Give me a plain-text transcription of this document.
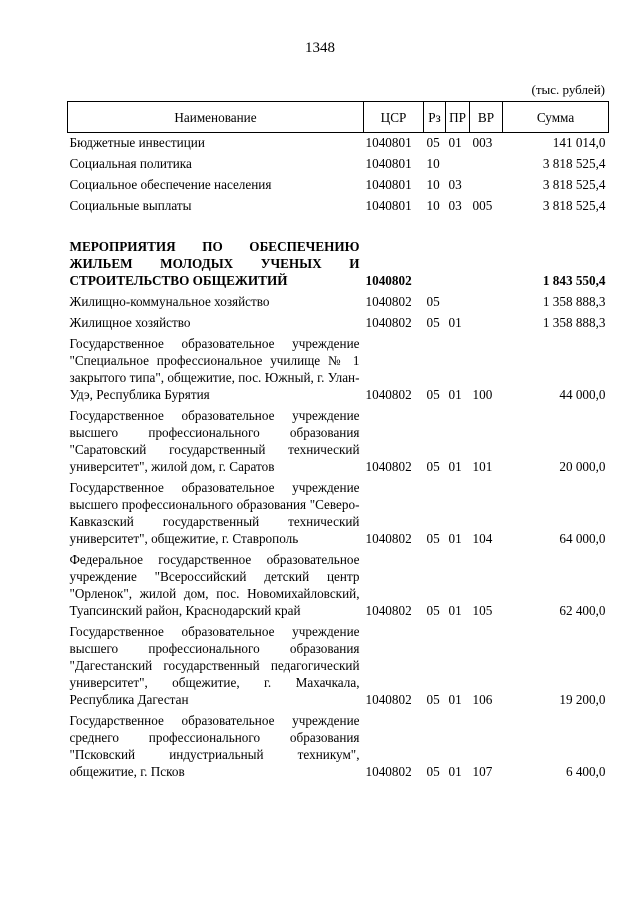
1348
(тыс. рублей)
Наименование	ЦСР	Рз	ПР	ВР	Сумма
Бюджетные инвестиции	1040801	05	01	003	141 014,0
Социальная политика	1040801	10			3 818 525,4
Социальное обеспечение населения	1040801	10	03		3 818 525,4
Социальные выплаты	1040801	10	03	005	3 818 525,4

МЕРОПРИЯТИЯ ПО ОБЕСПЕЧЕНИЮ ЖИЛЬЕМ МОЛОДЫХ УЧЕНЫХ И СТРОИТЕЛЬСТВО ОБЩЕЖИТИЙ	1040802				1 843 550,4
Жилищно-коммунальное хозяйство	1040802	05			1 358 888,3
Жилищное хозяйство	1040802	05	01		1 358 888,3
Государственное образовательное учреждение "Специальное профессиональное училище № 1 закрытого типа", общежитие, пос. Южный, г. Улан-Удэ, Республика Бурятия	1040802	05	01	100	44 000,0
Государственное образовательное учреждение высшего профессионального образования "Саратовский государственный технический университет", жилой дом, г. Саратов	1040802	05	01	101	20 000,0
Государственное образовательное учреждение высшего профессионального образования "Северо-Кавказский государственный технический университет", общежитие, г. Ставрополь	1040802	05	01	104	64 000,0
Федеральное государственное образовательное учреждение "Всероссийский детский центр "Орленок", жилой дом, пос. Новомихайловский, Туапсинский район, Краснодарский край	1040802	05	01	105	62 400,0
Государственное образовательное учреждение высшего профессионального образования "Дагестанский государственный педагогический университет", общежитие, г. Махачкала, Республика Дагестан	1040802	05	01	106	19 200,0
Государственное образовательное учреждение среднего профессионального образования "Псковский индустриальный техникум", общежитие, г. Псков	1040802	05	01	107	6 400,0
